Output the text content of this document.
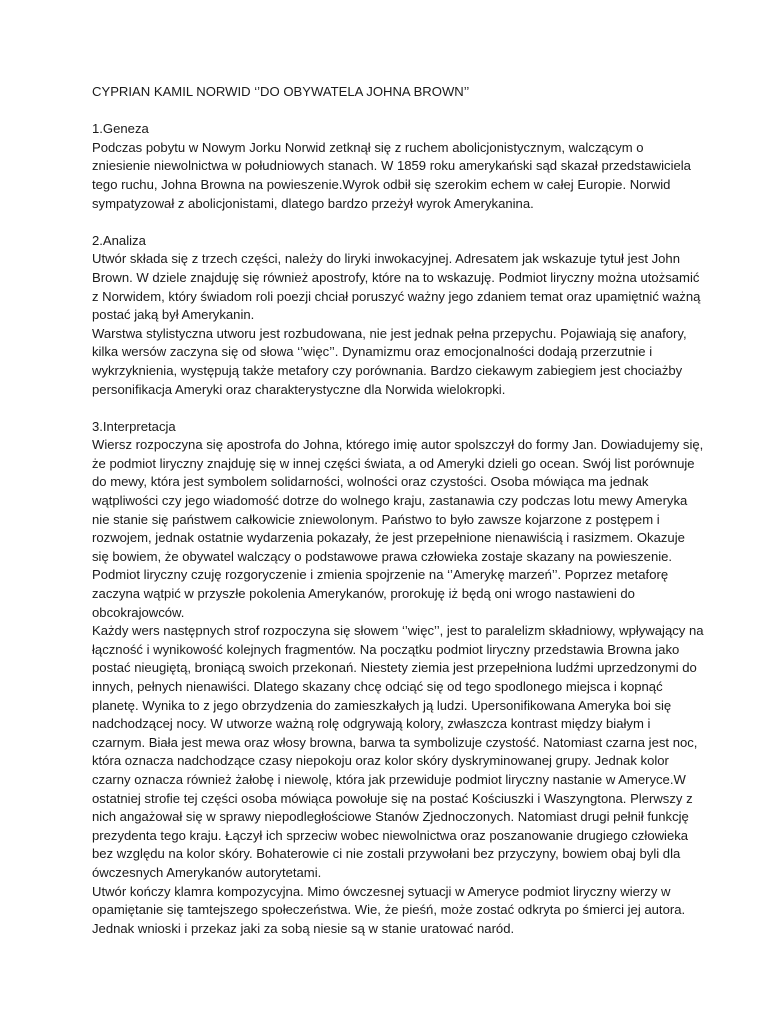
CYPRIAN KAMIL NORWID ‘’DO OBYWATELA JOHNA BROWN’’

1.Geneza

Podczas pobytu w Nowym Jorku Norwid zetknął się z ruchem abolicjonistycznym, walczącym o zniesienie niewolnictwa w południowych stanach. W 1859 roku amerykański sąd skazał przedstawiciela tego ruchu, Johna Browna na powieszenie.Wyrok odbił się szerokim echem w całej Europie. Norwid sympatyzował z abolicjonistami, dlatego bardzo przeżył wyrok Amerykanina.

2.Analiza

Utwór składa się z trzech części, należy do liryki inwokacyjnej. Adresatem jak wskazuje tytuł jest John Brown. W dziele znajduję się również apostrofy, które na to wskazuję. Podmiot liryczny można utożsamić z Norwidem, który świadom roli poezji chciał poruszyć ważny jego zdaniem temat oraz upamiętnić ważną postać jaką był Amerykanin.

Warstwa stylistyczna utworu jest rozbudowana, nie jest jednak pełna przepychu. Pojawiają się anafory, kilka wersów zaczyna się od słowa ‘’więc’’. Dynamizmu oraz emocjonalności dodają przerzutnie i wykrzyknienia, występują także metafory czy porównania. Bardzo ciekawym zabiegiem jest chociażby personifikacja Ameryki oraz charakterystyczne dla Norwida wielokropki.

3.Interpretacja

Wiersz rozpoczyna się apostrofa do Johna, którego imię autor spolszczył do formy Jan. Dowiadujemy się, że podmiot liryczny znajduję się w innej części świata, a od Ameryki dzieli go ocean. Swój list porównuje do mewy, która jest symbolem solidarności, wolności oraz czystości. Osoba mówiąca ma jednak wątpliwości czy jego wiadomość dotrze do wolnego kraju, zastanawia czy podczas lotu mewy Ameryka nie stanie się państwem całkowicie zniewolonym. Państwo to było zawsze kojarzone z postępem i rozwojem, jednak ostatnie wydarzenia pokazały, że jest przepełnione nienawiścią i rasizmem. Okazuje się bowiem, że obywatel walczący o podstawowe prawa człowieka zostaje skazany na powieszenie. Podmiot liryczny czuję rozgoryczenie i zmienia spojrzenie na ‘’Amerykę marzeń’’. Poprzez metaforę zaczyna wątpić w przyszłe pokolenia Amerykanów, prorokuję iż będą oni wrogo nastawieni do obcokrajowców.

Każdy wers następnych strof rozpoczyna się słowem ‘’więc’’, jest to paralelizm składniowy, wpływający na łączność i wynikowość kolejnych fragmentów. Na początku podmiot liryczny przedstawia Browna jako postać nieugiętą, broniącą swoich przekonań. Niestety ziemia jest przepełniona ludźmi uprzedzonymi do innych, pełnych nienawiści. Dlatego skazany chcę odciąć się od tego spodlonego miejsca i kopnąć planetę. Wynika to z jego obrzydzenia do zamieszkałych ją ludzi. Upersonifikowana Ameryka boi się nadchodzącej nocy. W utworze ważną rolę odgrywają kolory, zwłaszcza kontrast między białym i czarnym. Biała jest mewa oraz włosy browna, barwa ta symbolizuje czystość. Natomiast czarna jest noc, która oznacza nadchodzące czasy niepokoju oraz kolor skóry dyskryminowanej grupy. Jednak kolor czarny oznacza również żałobę i niewolę, która jak przewiduje podmiot liryczny nastanie w Ameryce.W ostatniej strofie tej części osoba mówiąca powołuje się na postać Kościuszki i Waszyngtona. Plerwszy z nich angażował się w sprawy niepodległościowe Stanów Zjednoczonych. Natomiast drugi pełnił funkcję prezydenta tego kraju. Łączył ich sprzeciw wobec niewolnictwa oraz poszanowanie drugiego człowieka bez względu na kolor skóry. Bohaterowie ci nie zostali przywołani bez przyczyny, bowiem obaj byli dla ówczesnych Amerykanów autorytetami.

Utwór kończy klamra kompozycyjna. Mimo ówczesnej sytuacji w Ameryce podmiot liryczny wierzy w opamiętanie się tamtejszego społeczeństwa. Wie, że pieśń, może zostać odkryta po śmierci jej autora. Jednak wnioski i przekaz jaki za sobą niesie są w stanie uratować naród.
